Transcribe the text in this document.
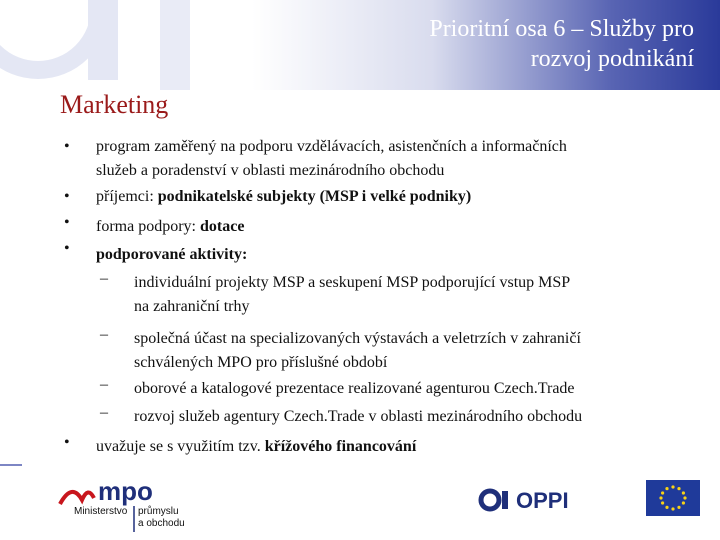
Prioritní osa 6 – Služby pro
rozvoj podnikání
Marketing
• program zaměřený na podporu vzdělávacích, asistenčních a informačních
služeb a poradenství v oblasti mezinárodního obchodu
• příjemci: podnikatelské subjekty (MSP i velké podniky)
• forma podpory: dotace
• podporované aktivity:
– individuální projekty MSP a seskupení MSP podporující vstup MSP
na zahraniční trhy
– společná účast na specializovaných výstavách a veletrzích v zahraničí
schválených MPO pro příslušné období
– oborové a katalogové prezentace realizované agenturou Czech.Trade
– rozvoj služeb agentury Czech.Trade v oblasti mezinárodního obchodu
• uvažuje se s využitím tzv. křížového financování
mpo
Ministerstvo průmyslu
a obchodu
OPPI
